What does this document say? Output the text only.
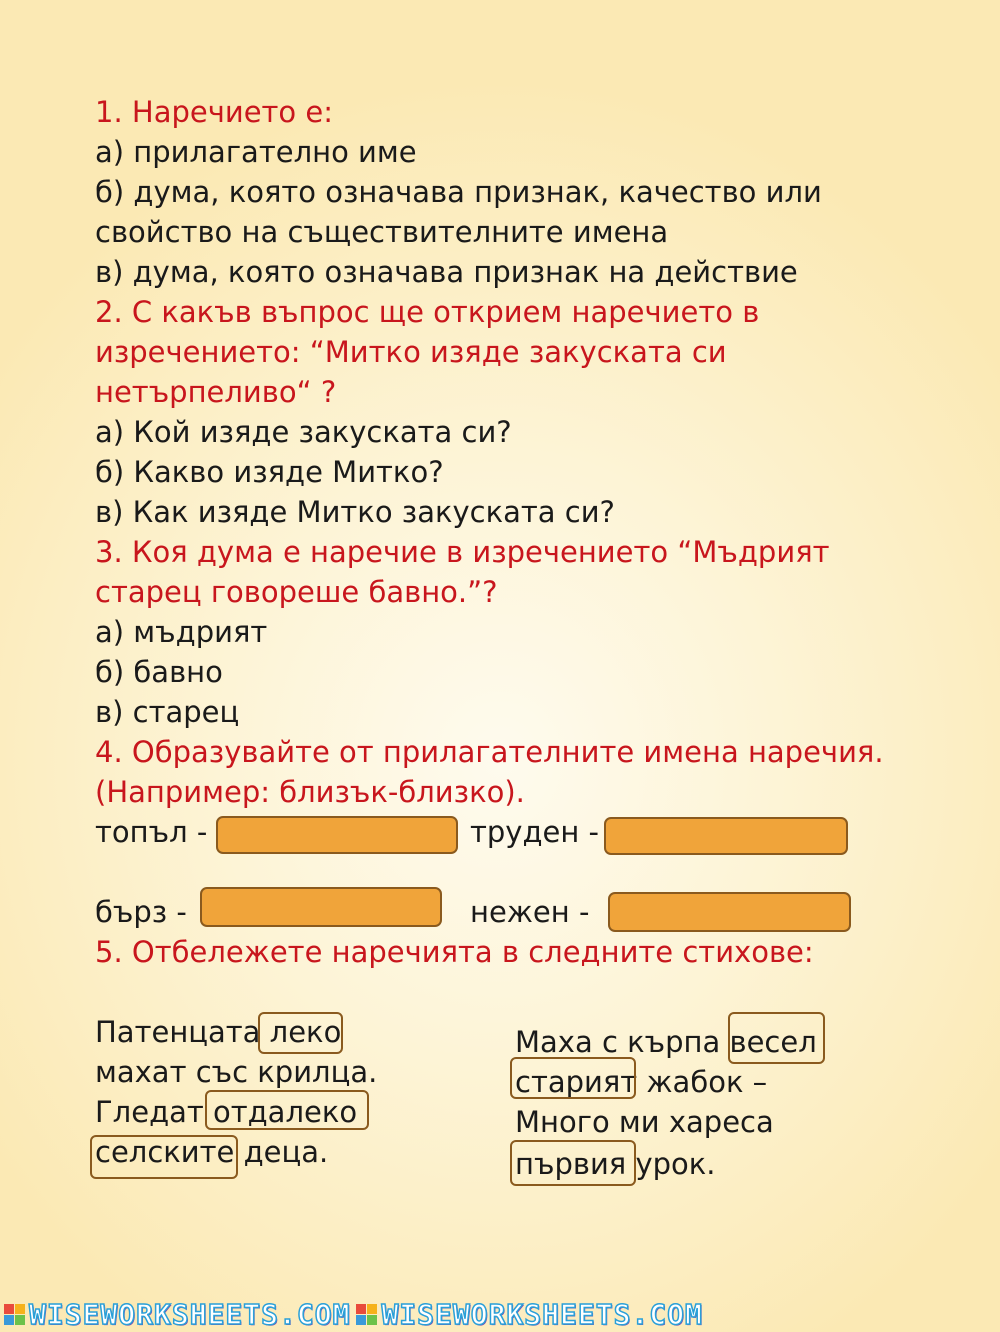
1. Наречието е:
а) прилагателно име
б) дума, която означава признак, качество или
свойство на съществителните имена
в) дума, която означава признак на действие
2. С какъв въпрос ще открием наречието в
изречението: “Митко изяде закуската си
нетърпеливо“ ?
а) Кой изяде закуската си?
б) Какво изяде Митко?
в) Как изяде Митко закуската си?
3. Коя дума е наречие в изречението “Мъдрият
старец говореше бавно.”?
а) мъдрият
б) бавно
в) старец
4. Образувайте от прилагателните имена наречия.
(Например: близък-близко).
топъл -	труден -
бърз -	нежен -
5. Отбележете наречията в следните стихове:
Патенцата леко
махат със крилца.
Гледат отдалеко
селските деца.
Маха с кърпа весел
старият жабок –
Много ми хареса
първия урок.
WISEWORKSHEETS.COM WISEWORKSHEETS.COM
